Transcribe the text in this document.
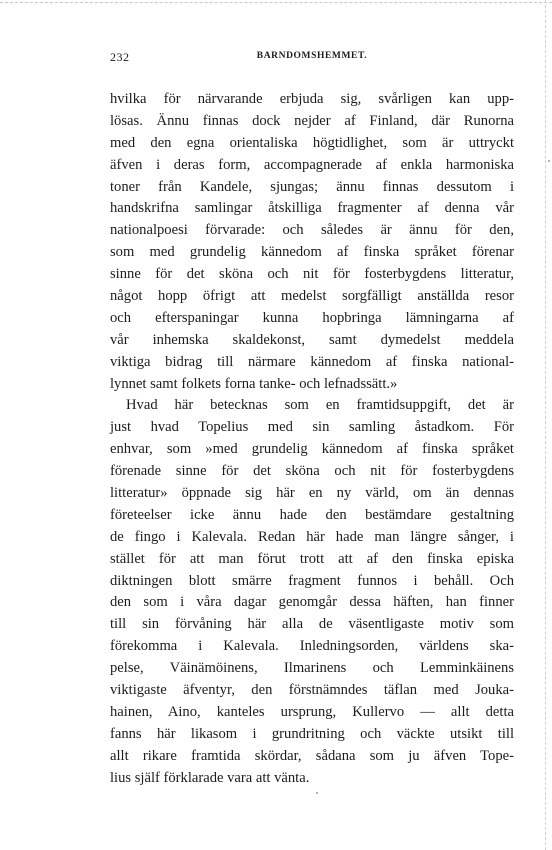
232	BARNDOMSHEMMET.
hvilka för närvarande erbjuda sig, svårligen kan upp-
lösas. Ännu finnas dock nejder af Finland, där Runorna
med den egna orientaliska högtidlighet, som är uttryckt
äfven i deras form, accompagnerade af enkla harmoniska
toner från Kandele, sjungas; ännu finnas dessutom i
handskrifna samlingar åtskilliga fragmenter af denna vår
nationalpoesi förvarade: och således är ännu för den,
som med grundelig kännedom af finska språket förenar
sinne för det sköna och nit för fosterbygdens litteratur,
något hopp öfrigt att medelst sorgfälligt anställda resor
och efterspaningar kunna hopbringa lämningarna af
vår inhemska skaldekonst, samt dymedelst meddela
viktiga bidrag till närmare kännedom af finska national-
lynnet samt folkets forna tanke- och lefnadssätt.»
Hvad här betecknas som en framtidsuppgift, det är
just hvad Topelius med sin samling åstadkom. För
enhvar, som »med grundelig kännedom af finska språket
förenade sinne för det sköna och nit för fosterbygdens
litteratur» öppnade sig här en ny värld, om än dennas
företeelser icke ännu hade den bestämdare gestaltning
de fingo i Kalevala. Redan här hade man längre sånger, i
stället för att man förut trott att af den finska episka
diktningen blott smärre fragment funnos i behåll. Och
den som i våra dagar genomgår dessa häften, han finner
till sin förvåning här alla de väsentligaste motiv som
förekomma i Kalevala. Inledningsorden, världens ska-
pelse, Väinämöinens, Ilmarinens och Lemminkäinens
viktigaste äfventyr, den förstnämndes täflan med Jouka-
hainen, Aino, kanteles ursprung, Kullervo — allt detta
fanns här likasom i grundritning och väckte utsikt till
allt rikare framtida skördar, sådana som ju äfven Tope-
lius själf förklarade vara att vänta.
